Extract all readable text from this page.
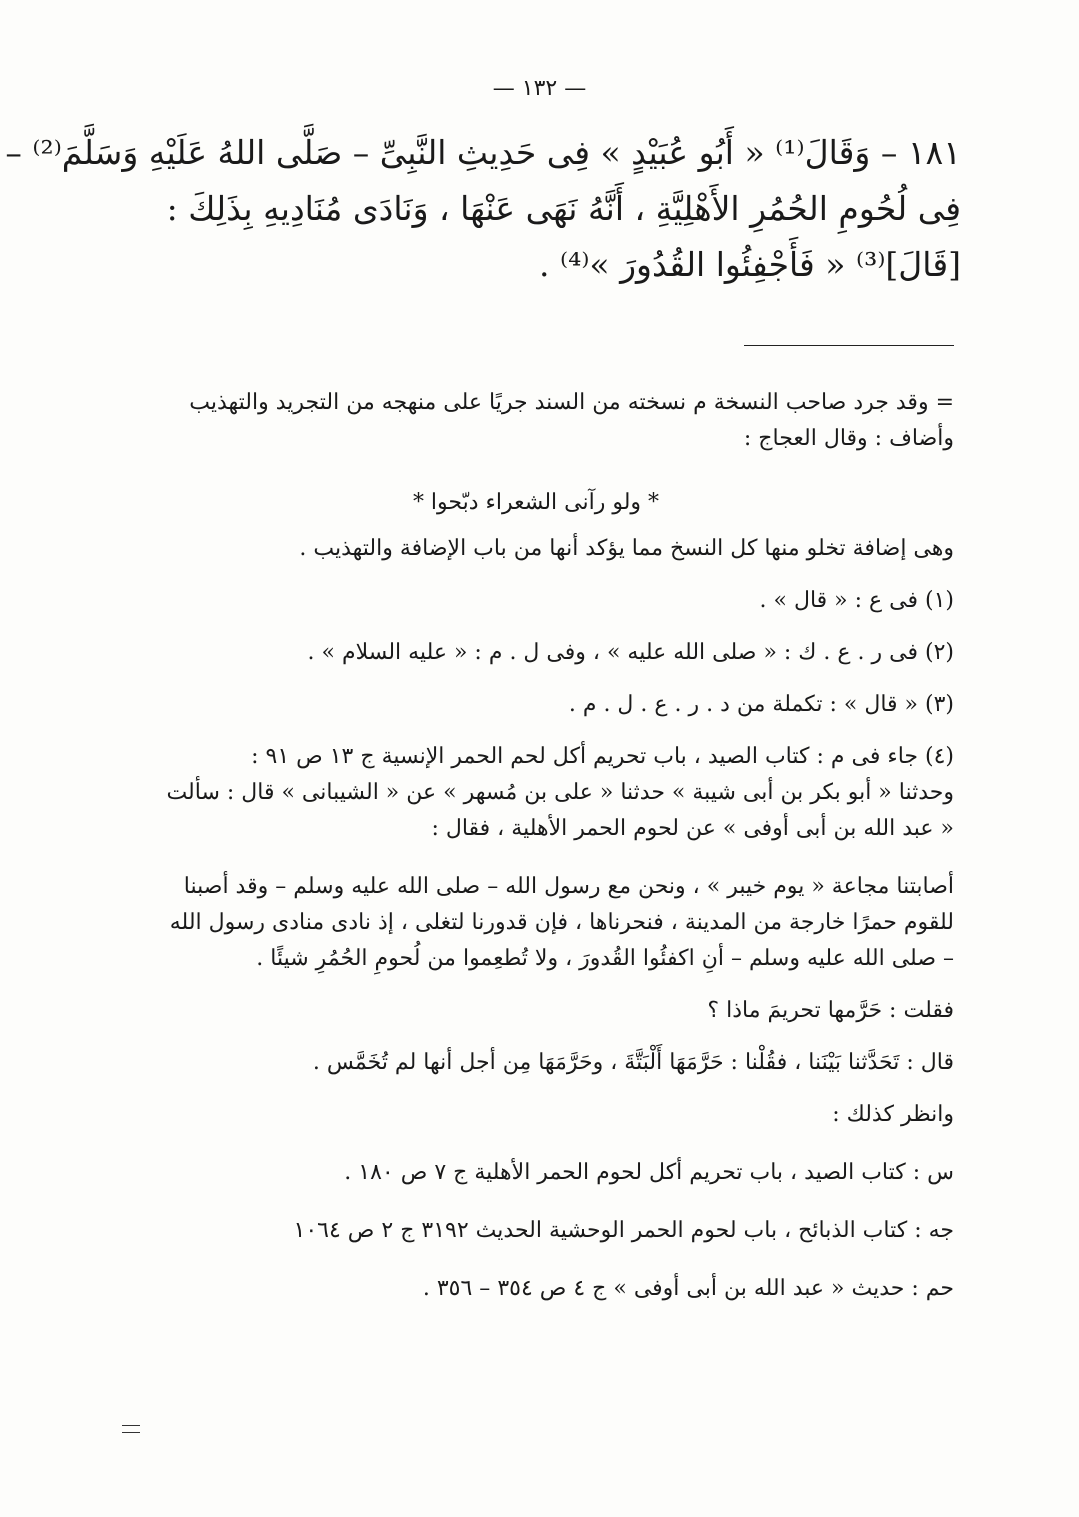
— ١٣٢ —
١٨١ – وَقَالَ⁽¹⁾ « أَبُو عُبَيْدٍ » فِى حَدِيثِ النَّبِىِّ – صَلَّى اللهُ عَلَيْهِ وَسَلَّمَ⁽²⁾ –
فِى لُحُومِ الحُمُرِ الأَهْلِيَّةِ ، أَنَّهُ نَهَى عَنْهَا ، وَنَادَى مُنَادِيهِ بِذَلِكَ :
[قَالَ]⁽³⁾ « فَأَجْفِئُوا القُدُورَ »⁽⁴⁾ .

= وقد جرد صاحب النسخة م نسخته من السند جريًا على منهجه من التجريد والتهذيب

وأضاف : وقال العجاج :

* ولو رآنى الشعراء دبّحوا *

وهى إضافة تخلو منها كل النسخ مما يؤكد أنها من باب الإضافة والتهذيب .

(١) فى ع : « قال » .

(٢) فى ر . ع . ك : « صلى الله عليه » ، وفى ل . م : « عليه السلام » .

(٣) « قال » : تكملة من د . ر . ع . ل . م .

(٤) جاء فى م : كتاب الصيد ، باب تحريم أكل لحم الحمر الإنسية ج ١٣ ص ٩١ :

وحدثنا « أبو بكر بن أبى شيبة » حدثنا « على بن مُسهر » عن « الشيبانى » قال : سألت

« عبد الله بن أبى أوفى » عن لحوم الحمر الأهلية ، فقال :

أصابتنا مجاعة « يوم خيبر » ، ونحن مع رسول الله – صلى الله عليه وسلم – وقد أصبنا

للقوم حمرًا خارجة من المدينة ، فنحرناها ، فإن قدورنا لتغلى ، إذ نادى منادى رسول الله

– صلى الله عليه وسلم – أنِ اكفئُوا القُدورَ ، ولا تُطعِموا من لُحومِ الحُمُرِ شيئًا .

فقلت : حَرَّمها تحريمَ ماذا ؟

قال : تَحَدَّثنا بَيْنَنا ، فقُلْنا : حَرَّمَهَا أَلْبَتَّةَ ، وحَرَّمَهَا مِن أجل أنها لم تُخَمَّس .

وانظر كذلك :

س : كتاب الصيد ، باب تحريم أكل لحوم الحمر الأهلية ج ٧ ص ١٨٠ .

جه : كتاب الذبائح ، باب لحوم الحمر الوحشية الحديث ٣١٩٢ ج ٢ ص ١٠٦٤

حم : حديث « عبد الله بن أبى أوفى » ج ٤ ص ٣٥٤ – ٣٥٦ .
